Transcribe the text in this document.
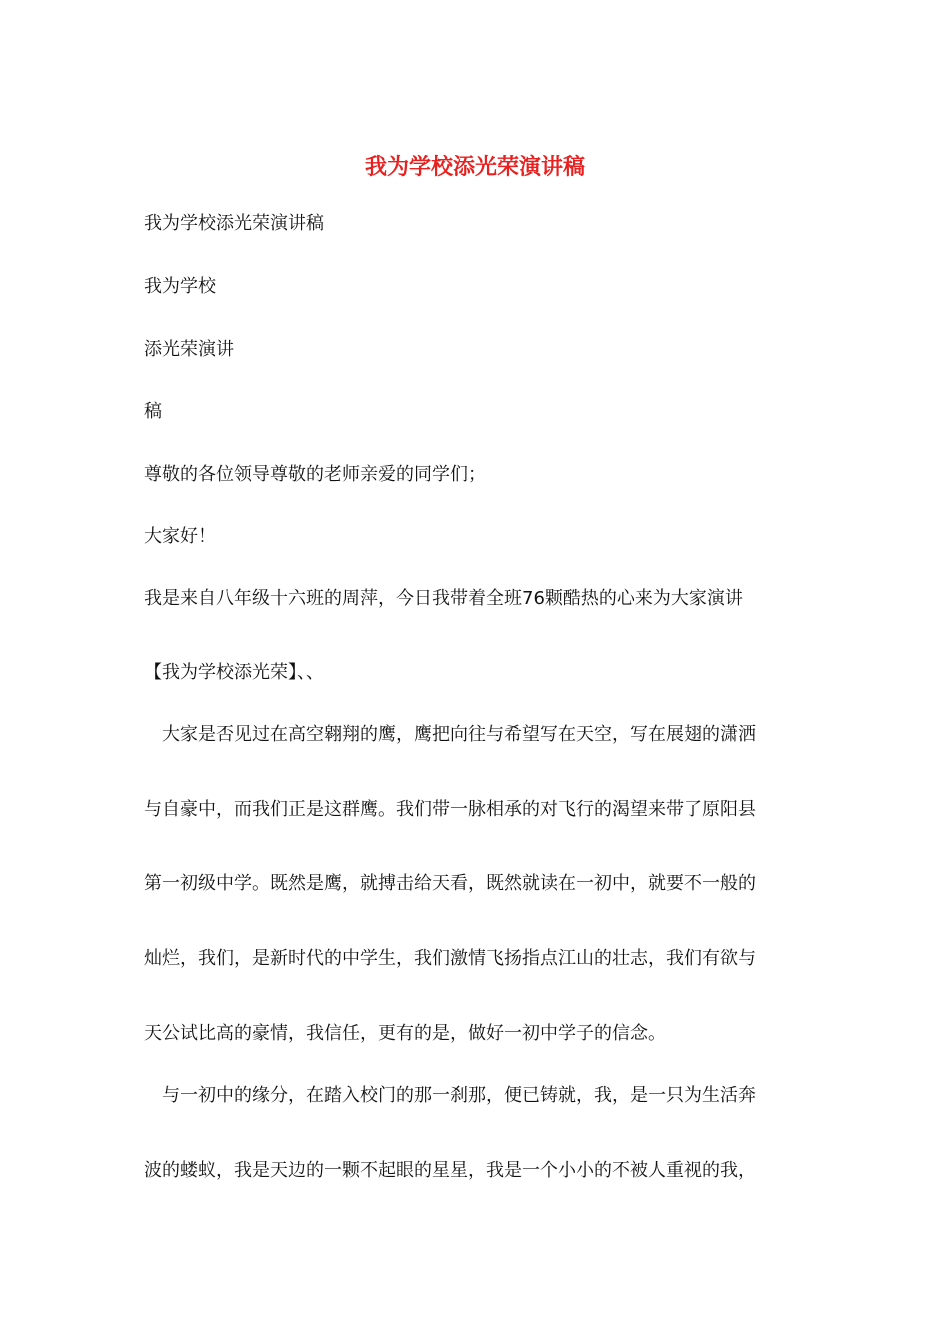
我为学校添光荣演讲稿
我为学校添光荣演讲稿
我为学校
添光荣演讲
稿
尊敬的各位领导尊敬的老师亲爱的同学们；
大家好！
我是来自八年级十六班的周萍，今日我带着全班76颗酷热的心来为大家演讲
【我为学校添光荣】、、
　大家是否见过在高空翱翔的鹰，鹰把向往与希望写在天空，写在展翅的潇洒
与自豪中，而我们正是这群鹰。我们带一脉相承的对飞行的渴望来带了原阳县
第一初级中学。既然是鹰，就搏击给天看，既然就读在一初中，就要不一般的
灿烂，我们，是新时代的中学生，我们激情飞扬指点江山的壮志，我们有欲与
天公试比高的豪情，我信任，更有的是，做好一初中学子的信念。
　与一初中的缘分，在踏入校门的那一刹那，便已铸就，我，是一只为生活奔
波的蝼蚁，我是天边的一颗不起眼的星星，我是一个小小的不被人重视的我，
